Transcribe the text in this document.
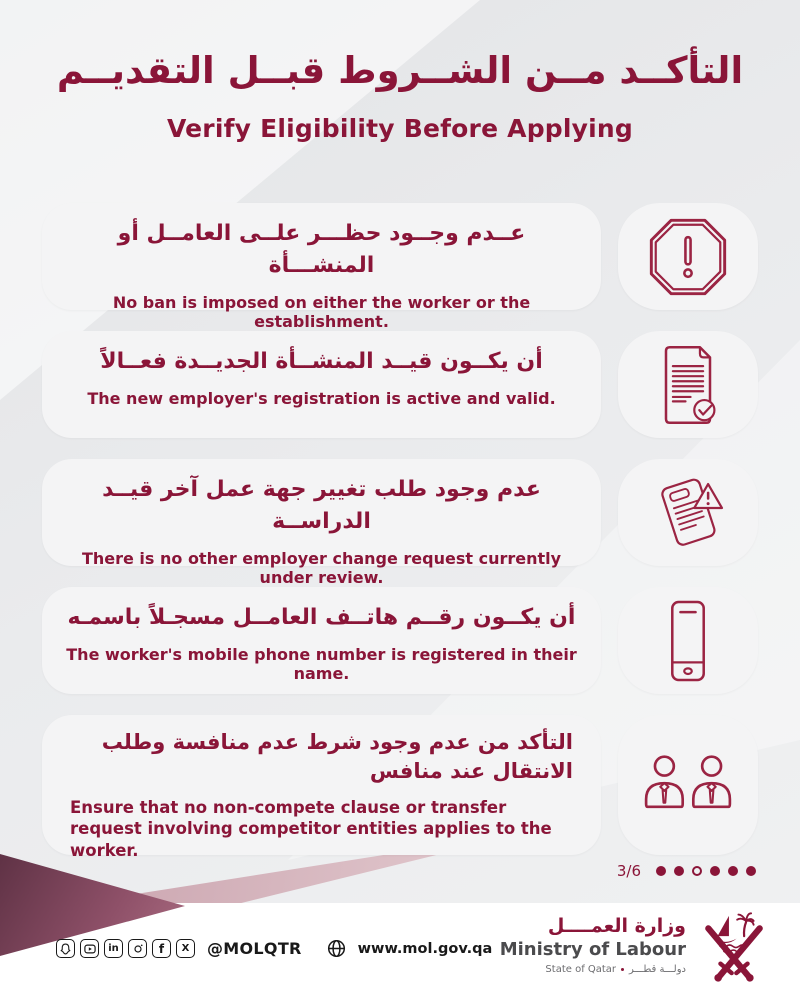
التأكــد مــن الشــروط قبــل التقديــم
Verify Eligibility Before Applying

عــدم وجــود حظـــر علــى العامــل أو المنشـــأة

No ban is imposed on either the worker or the establishment.

أن يكــون قيــد المنشــأة الجديــدة فعــالاً

The new employer's registration is active and valid.

عدم وجود طلب تغيير جهة عمل آخر قيــد الدراســة

There is no other employer change request currently under review.

أن يكــون رقــم هاتــف العامــل مسجـلاً باسمـه

The worker's mobile phone number is registered in their name.

التأكد من عدم وجود شرط عدم منافسة وطلب الانتقال عند منافس

Ensure that no non-compete clause or transfer request involving competitor entities applies to the worker.

3/6
in	f	X	@MOLQTR	www.mol.gov.qa
وزارة العمــــل
Ministry of Labour
State of Qatar دولـــة قطـــر
